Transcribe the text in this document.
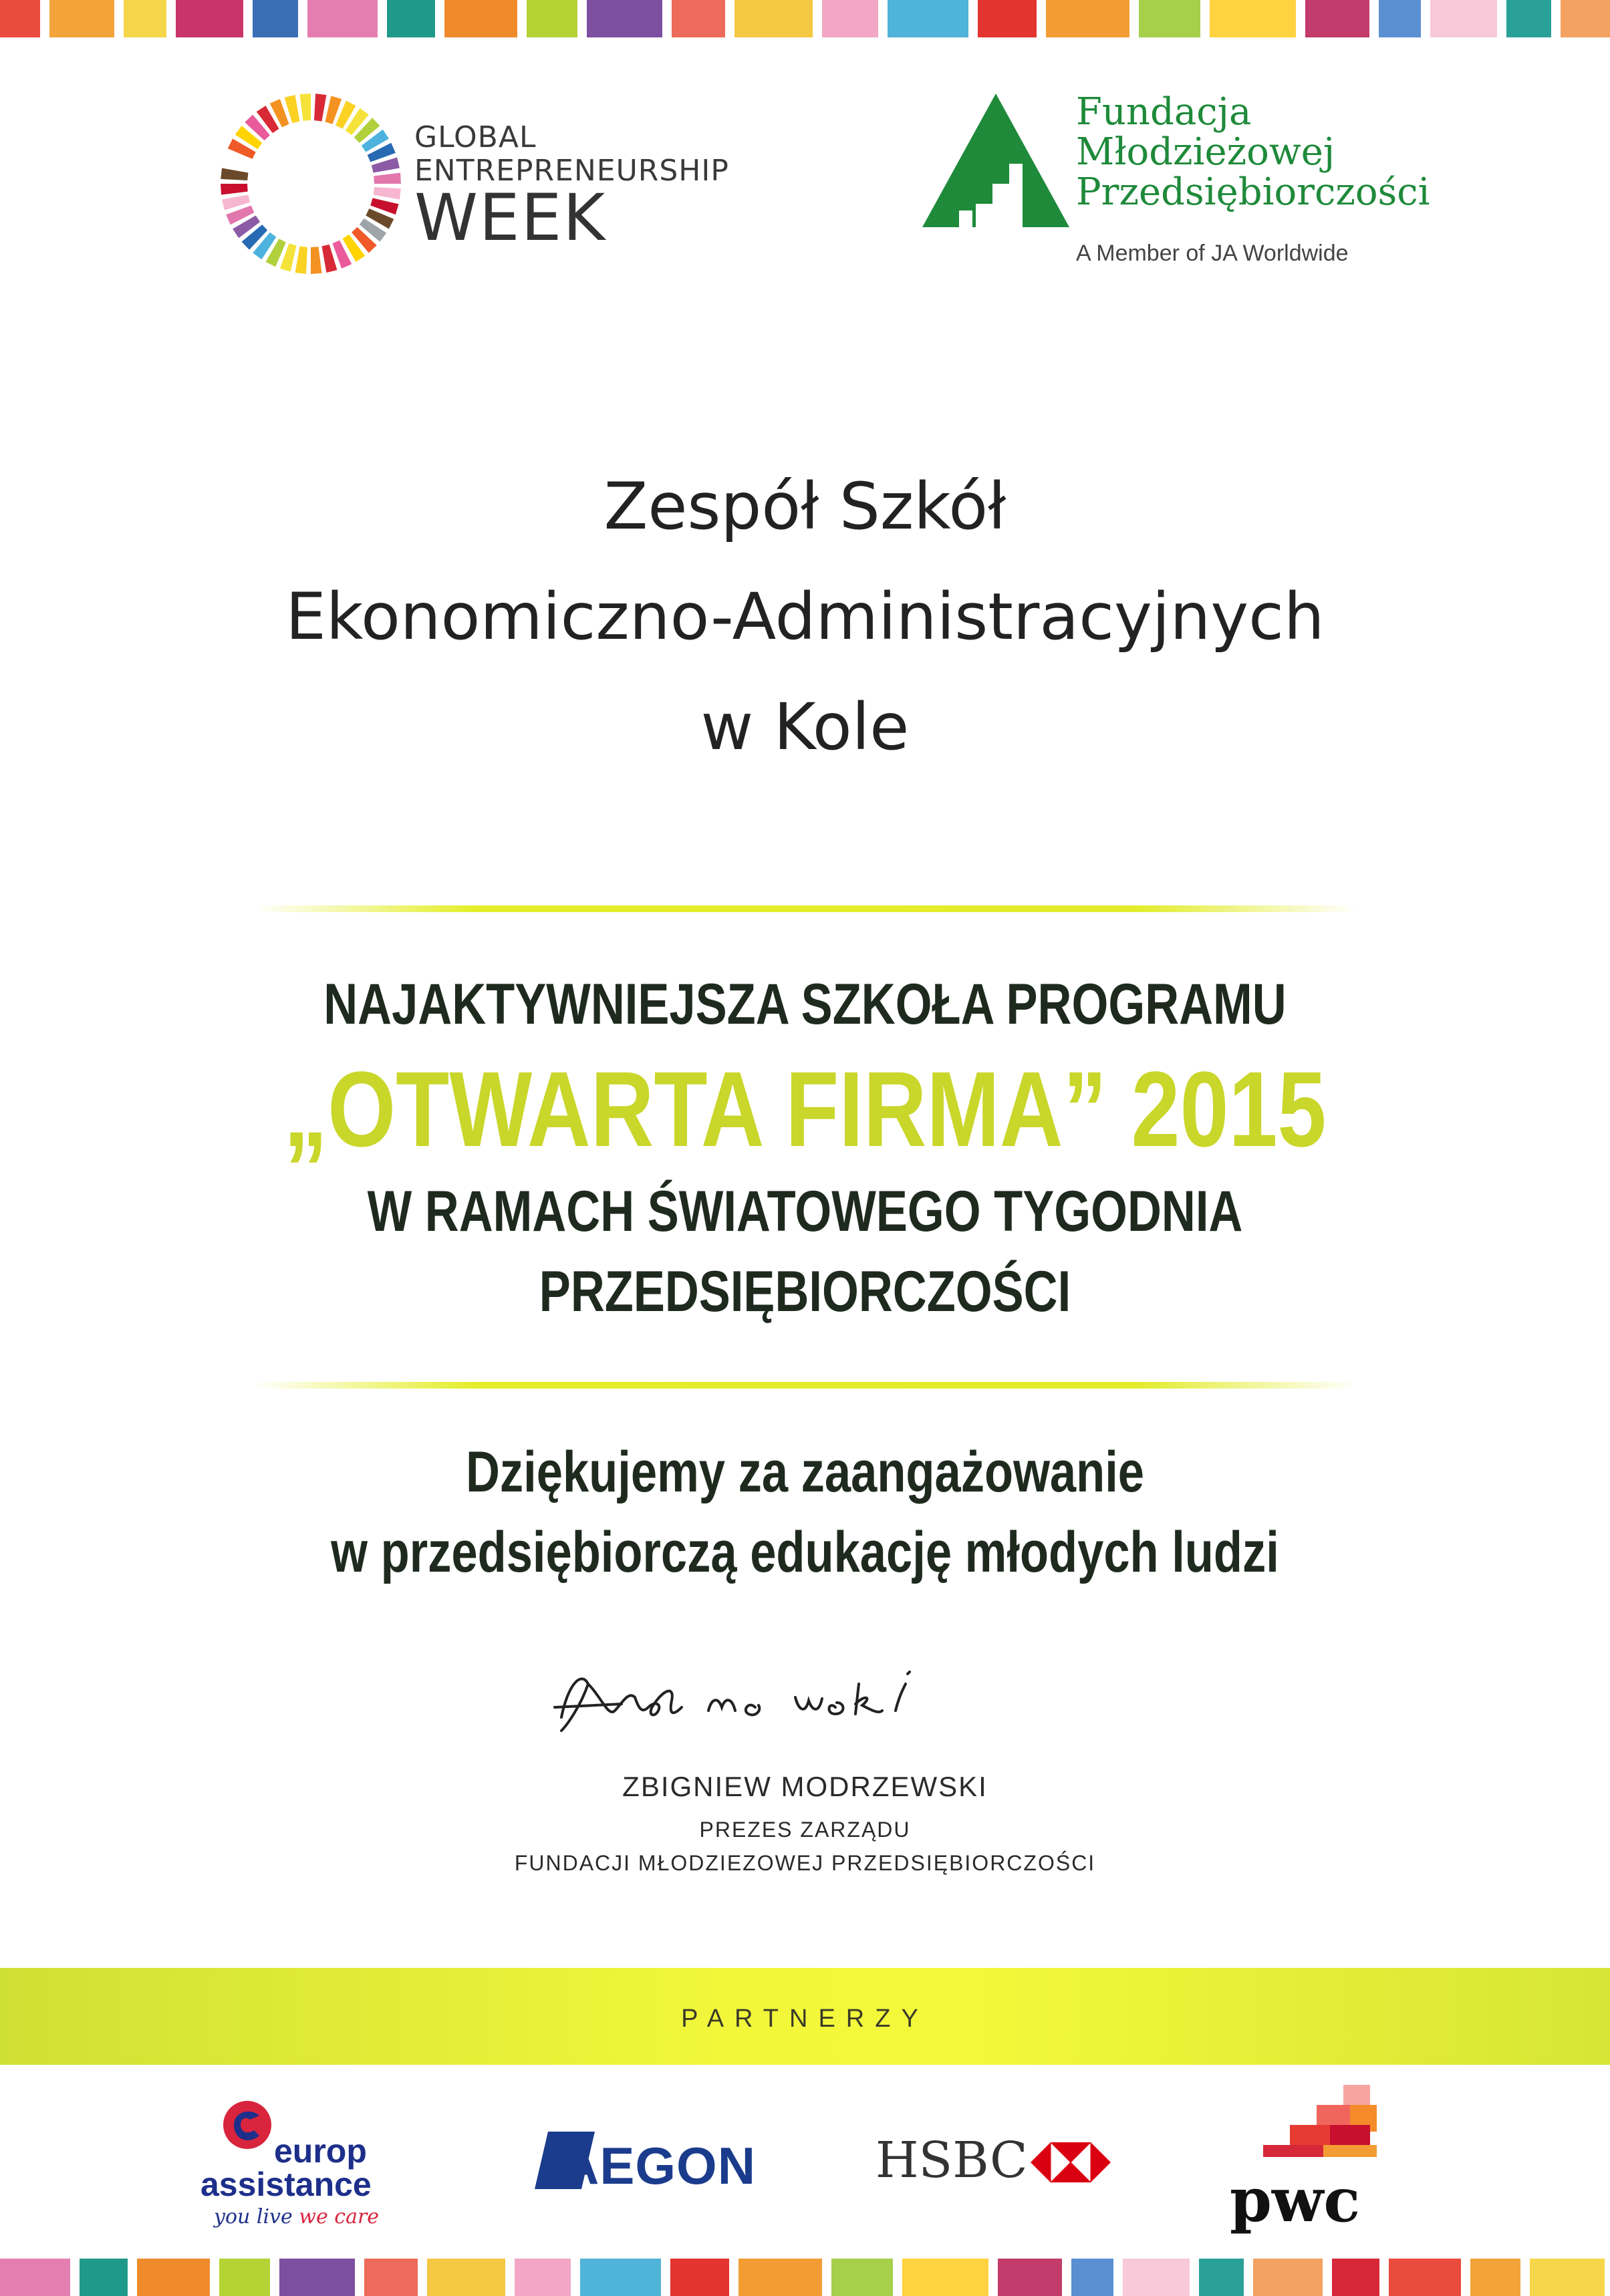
GLOBAL
ENTREPRENEURSHIP
WEEK
Fundacja
Młodzieżowej
Przedsiębiorczości
A Member of JA Worldwide
Zespół Szkół
Ekonomiczno-Administracyjnych
w Kole
NAJAKTYWNIEJSZA SZKOŁA PROGRAMU
„OTWARTA FIRMA” 2015
W RAMACH ŚWIATOWEGO TYGODNIA
PRZEDSIĘBIORCZOŚCI
Dziękujemy za zaangażowanie
w przedsiębiorczą edukację młodych ludzi
ZBIGNIEW MODRZEWSKI
PREZES ZARZĄDU
FUNDACJI MŁODZIEZOWEJ PRZEDSIĘBIORCZOŚCI
PARTNERZY
europ
assistance
you live we care
AEGON HSBC
pwc
